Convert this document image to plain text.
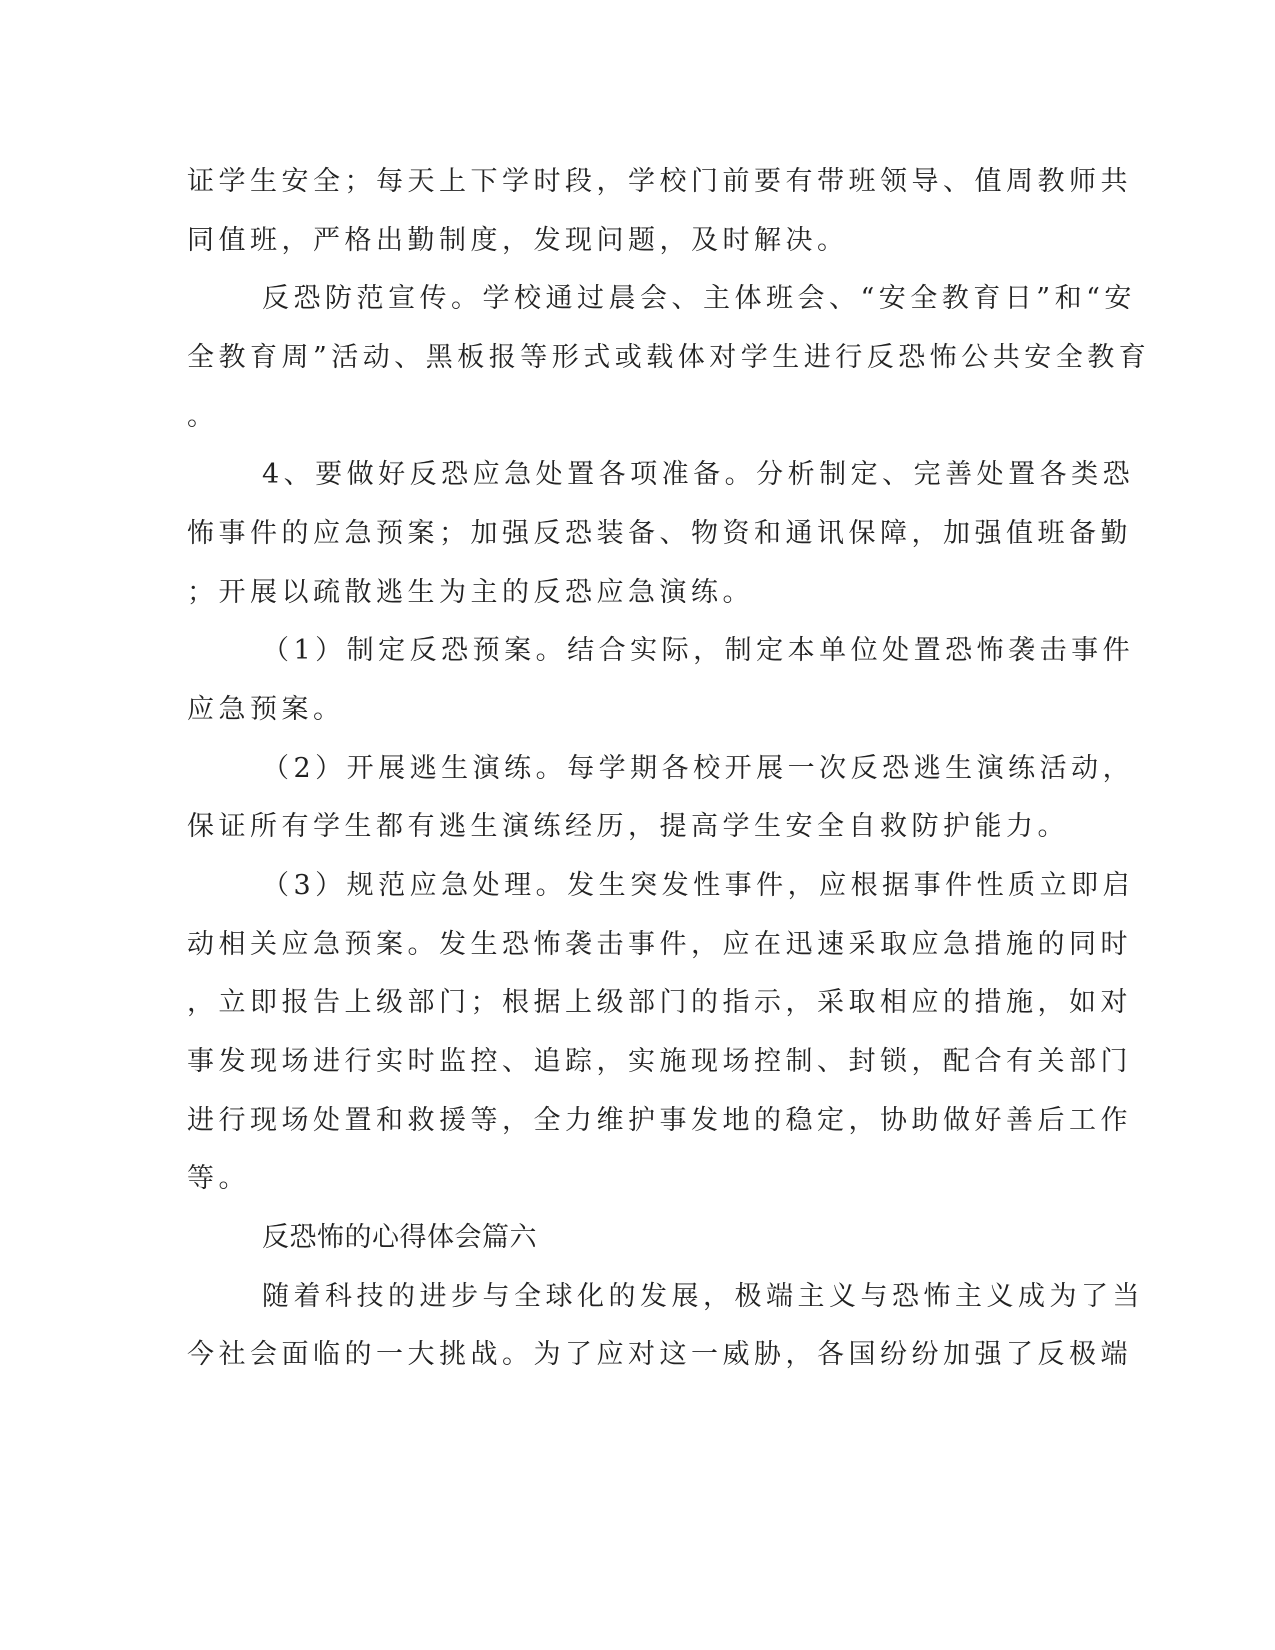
证学生安全；每天上下学时段，学校门前要有带班领导、值周教师共

同值班，严格出勤制度，发现问题，及时解决。

反恐防范宣传。学校通过晨会、主体班会、“安全教育日”和“安

全教育周”活动、黑板报等形式或载体对学生进行反恐怖公共安全教育

。

4、要做好反恐应急处置各项准备。分析制定、完善处置各类恐

怖事件的应急预案；加强反恐装备、物资和通讯保障，加强值班备勤

；开展以疏散逃生为主的反恐应急演练。

（1）制定反恐预案。结合实际，制定本单位处置恐怖袭击事件

应急预案。

（2）开展逃生演练。每学期各校开展一次反恐逃生演练活动，

保证所有学生都有逃生演练经历，提高学生安全自救防护能力。

（3）规范应急处理。发生突发性事件，应根据事件性质立即启

动相关应急预案。发生恐怖袭击事件，应在迅速采取应急措施的同时

，立即报告上级部门；根据上级部门的指示，采取相应的措施，如对

事发现场进行实时监控、追踪，实施现场控制、封锁，配合有关部门

进行现场处置和救援等，全力维护事发地的稳定，协助做好善后工作

等。

反恐怖的心得体会篇六

随着科技的进步与全球化的发展，极端主义与恐怖主义成为了当

今社会面临的一大挑战。为了应对这一威胁，各国纷纷加强了反极端
